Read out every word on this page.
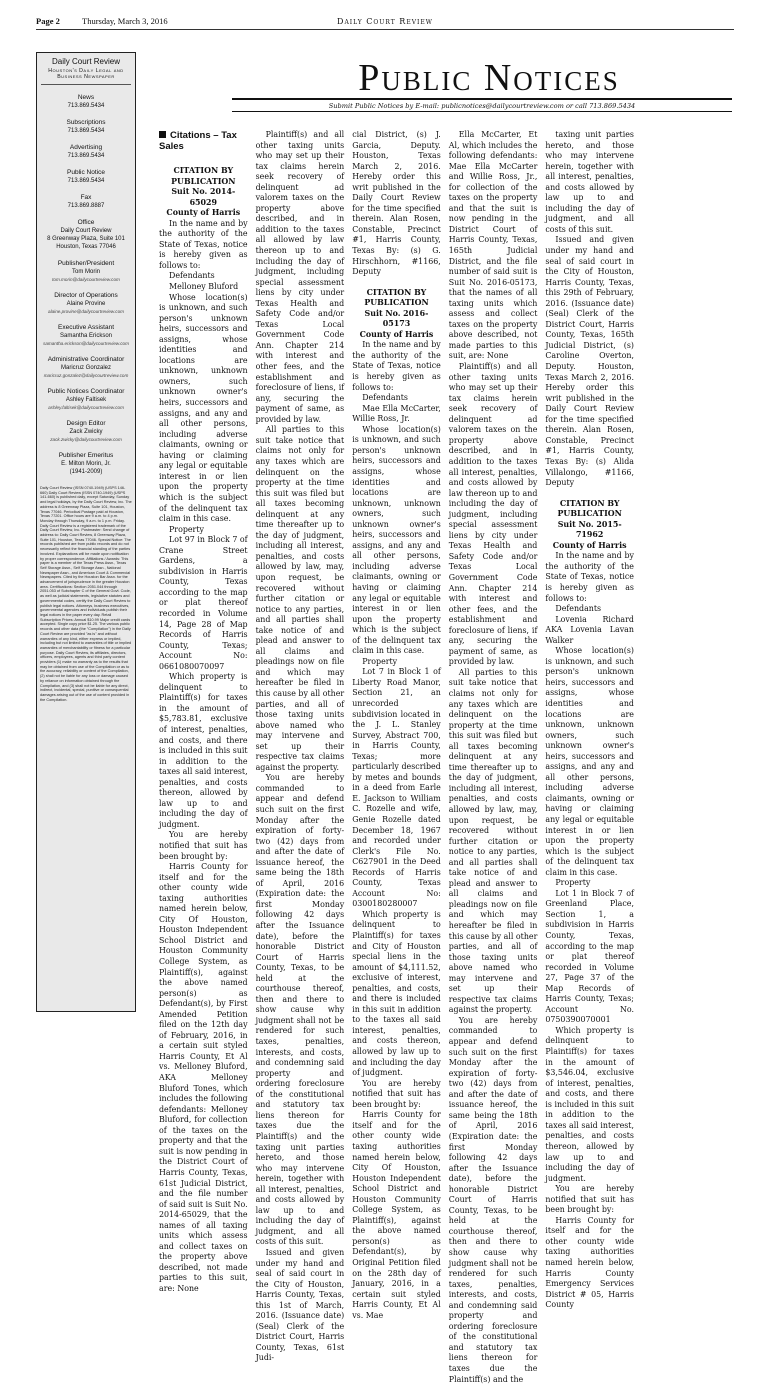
Page 2	Thursday, March 3, 2016	Daily Court Review
Daily Court Review
Houston's Daily Legal and Business Newspaper
News
713.869.5434
Subscriptions
713.869.5434
Advertising
713.869.5434
Public Notice
713.869.5434
Fax
713.869.8887
Office
Daily Court Review
8 Greenway Plaza, Suite 101
Houston, Texas 77046
Publisher/President
Tom Morin
tom.morin@dailycourtreview.com
Director of Operations
Alaine Provine
alaine.provine@dailycourtreview.com
Executive Assistant
Samantha Erickson
samantha.erickson@dailycourtreview.com
Administrative Coordinator
Maricruz Gonzalez
maricruz.gonzalez@dailycourtreview.com
Public Notices Coordinator
Ashley Faltisek
ashley.faltisek@dailycourtreview.com
Design Editor
Zack Zwicky
zack.zwicky@dailycourtreview.com
Publisher Emeritus
E. Milton Morin, Jr.
(1941-2009)
Daily Court Review (ISSN 0740-1949) (USPS 146-660) Daily Court Review (ISSN 0740-1949) (USPS 141-660) is published daily, except Saturday, Sunday and legal holidays, by the Daily Court Review, Inc. The address is 8 Greenway Plaza, Suite 101, Houston, Texas 77046. Periodical Postage paid at Houston, Texas 77201. Office hours are 9 a.m. to 4 p.m. Monday through Thursday, 9 a.m. to 1 p.m. Friday. Daily Court Review is a registered trademark of the Daily Court Review, Inc. Postmaster: Send change of address to: Daily Court Review, 8 Greenway Plaza, Suite 101, Houston, Texas 77046. Special Notice: The records published are from public records and do not necessarily reflect the financial standing of the parties involved. Explanations will be made upon notification by proper correspondence. Affiliations / Awards: This paper is a member of the Texas Press Assn., Texas Self Storage Assn., Self Storage Assn., National Newspaper Assn., and American Court & Commercial Newspapers. Cited by the Houston Bar Assn. for the advancement of jurisprudence in the greater Houston area. Certifications: Section 2051.044 through 2051.053 of Subchapter C of the General Govt. Code, as well as judicial statements, legislative statutes and governmental codes, certify the Daily Court Review to publish legal notices. Attorneys, business executives, governmental agencies and individuals publish their legal notices in the paper every day. Retail Subscription Prices: Annual $10.99 Major credit cards accepted. Single copy price $1.25. The various public records and other data (the "Compilation") in the Daily Court Review are provided "as is" and without warranties of any kind, either express or implied, including but not limited to warranties of title or implied warranties of merchantability or fitness for a particular purpose. Daily Court Review, its affiliates, directors, officers, employees, agents and third party content providers (1) make no warranty as to the results that may be obtained from use of the Compilation or as to the accuracy, reliability or content of the Compilation, (2) shall not be liable for any loss or damage caused by reliance on information obtained through the Compilation, and (3) shall not be liable for any direct, indirect, incidental, special, punitive or consequential damages arising out of the use of content provided in the Compilation.
Public Notices
Submit Public Notices by E-mail: publicnotices@dailycourtreview.com or call 713.869.5434
Citations – Tax Sales

CITATION BY PUBLICATION

Suit No. 2014-65029

County of Harris

In the name and by the authority of the State of Texas, notice is hereby given as follows to:

Defendants

Melloney Bluford

Whose location(s) is unknown, and such person's unknown heirs, successors and assigns, whose identities and locations are unknown, unknown owners, such unknown owner's heirs, successors and assigns, and any and all other persons, including adverse claimants, owning or having or claiming any legal or equitable interest in or lien upon the property which is the subject of the delinquent tax claim in this case.

Property

Lot 97 in Block 7 of Crane Street Gardens, a subdivision in Harris County, Texas according to the map or plat thereof recorded in Volume 14, Page 28 of Map Records of Harris County, Texas; Account No: 0661080070097

Which property is delinquent to Plaintiff(s) for taxes in the amount of $5,783.81, exclusive of interest, penalties, and costs, and there is included in this suit in addition to the taxes all said interest, penalties, and costs thereon, allowed by law up to and including the day of judgment.

You are hereby notified that suit has been brought by:

Harris County for itself and for the other county wide taxing authorities named herein below, City Of Houston, Houston Independent School District and Houston Community College System, as Plaintiff(s), against the above named person(s) as Defendant(s), by First Amended Petition filed on the 12th day of February, 2016, in a certain suit styled Harris County, Et Al vs. Melloney Bluford, AKA Melloney Bluford Tones, which includes the following defendants: Melloney Bluford, for collection of the taxes on the property and that the suit is now pending in the District Court of Harris County, Texas, 61st Judicial District, and the file number of said suit is Suit No. 2014-65029, that the names of all taxing units which assess and collect taxes on the property above described, not made parties to this suit, are: None

Plaintiff(s) and all other taxing units who may set up their tax claims herein seek recovery of delinquent ad valorem taxes on the property above described, and in addition to the taxes all allowed by law thereon up to and including the day of judgment, including special assessment liens by city under Texas Health and Safety Code and/or Texas Local Government Code Ann. Chapter 214 with interest and other fees, and the establishment and foreclosure of liens, if any, securing the payment of same, as provided by law.

All parties to this suit take notice that claims not only for any taxes which are delinquent on the property at the time this suit was filed but all taxes becoming delinquent at any time thereafter up to the day of judgment, including all interest, penalties, and costs allowed by law, may, upon request, be recovered without further citation or notice to any parties, and all parties shall take notice of and plead and answer to all claims and pleadings now on file and which may hereafter be filed in this cause by all other parties, and all of those taxing units above named who may intervene and set up their respective tax claims against the property.

You are hereby commanded to appear and defend such suit on the first Monday after the expiration of forty-two (42) days from and after the date of issuance hereof, the same being the 18th of April, 2016 (Expiration date: the first Monday following 42 days after the Issuance date), before the honorable District Court of Harris County, Texas, to be held at the courthouse thereof, then and there to show cause why judgment shall not be rendered for such taxes, penalties, interests, and costs, and condemning said property and ordering foreclosure of the constitutional and statutory tax liens thereon for taxes due the Plaintiff(s) and the taxing unit parties hereto, and those who may intervene herein, together with all interest, penalties, and costs allowed by law up to and including the day of judgment, and all costs of this suit.

Issued and given under my hand and seal of said court in the City of Houston, Harris County, Texas, this 1st of March, 2016. (Issuance date) (Seal) Clerk of the District Court, Harris County, Texas, 61st Judi-

cial District, (s) J. Garcia, Deputy. Houston, Texas March 2, 2016. Hereby order this writ published in the Daily Court Review for the time specified therein. Alan Rosen, Constable, Precinct #1, Harris County, Texas By: (s) G. Hirschhorn, #1166, Deputy

CITATION BY PUBLICATION

Suit No. 2016-05173

County of Harris

In the name and by the authority of the State of Texas, notice is hereby given as follows to:

Defendants

Mae Ella McCarter, Willie Ross, Jr.

Whose location(s) is unknown, and such person's unknown heirs, successors and assigns, whose identities and locations are unknown, unknown owners, such unknown owner's heirs, successors and assigns, and any and all other persons, including adverse claimants, owning or having or claiming any legal or equitable interest in or lien upon the property which is the subject of the delinquent tax claim in this case.

Property

Lot 7 in Block 1 of Liberty Road Manor, Section 21, an unrecorded subdivision located in the J. L. Stanley Survey, Abstract 700, in Harris County, Texas; more particularly described by metes and bounds in a deed from Earle E. Jackson to William C. Rozelle and wife, Genie Rozelle dated December 18, 1967 and recorded under Clerk's File No. C627901 in the Deed Records of Harris County, Texas Account No: 0300180280007

Which property is delinquent to Plaintiff(s) for taxes and City of Houston special liens in the amount of $4,111.52, exclusive of interest, penalties, and costs, and there is included in this suit in addition to the taxes all said interest, penalties, and costs thereon, allowed by law up to and including the day of judgment.

You are hereby notified that suit has been brought by:

Harris County for itself and for the other county wide taxing authorities named herein below, City Of Houston, Houston Independent School District and Houston Community College System, as Plaintiff(s), against the above named person(s) as Defendant(s), by Original Petition filed on the 28th day of January, 2016, in a certain suit styled Harris County, Et Al vs. Mae

Ella McCarter, Et Al, which includes the following defendants: Mae Ella McCarter and Willie Ross, Jr., for collection of the taxes on the property and that the suit is now pending in the District Court of Harris County, Texas, 165th Judicial District, and the file number of said suit is Suit No. 2016-05173, that the names of all taxing units which assess and collect taxes on the property above described, not made parties to this suit, are: None

Plaintiff(s) and all other taxing units who may set up their tax claims herein seek recovery of delinquent ad valorem taxes on the property above described, and in addition to the taxes all interest, penalties, and costs allowed by law thereon up to and including the day of judgment, including special assessment liens by city under Texas Health and Safety Code and/or Texas Local Government Code Ann. Chapter 214 with interest and other fees, and the establishment and foreclosure of liens, if any, securing the payment of same, as provided by law.

All parties to this suit take notice that claims not only for any taxes which are delinquent on the property at the time this suit was filed but all taxes becoming delinquent at any time thereafter up to the day of judgment, including all interest, penalties, and costs allowed by law, may, upon request, be recovered without further citation or notice to any parties, and all parties shall take notice of and plead and answer to all claims and pleadings now on file and which may hereafter be filed in this cause by all other parties, and all of those taxing units above named who may intervene and set up their respective tax claims against the property.

You are hereby commanded to appear and defend such suit on the first Monday after the expiration of forty-two (42) days from and after the date of issuance hereof, the same being the 18th of April, 2016 (Expiration date: the first Monday following 42 days after the Issuance date), before the honorable District Court of Harris County, Texas, to be held at the courthouse thereof, then and there to show cause why judgment shall not be rendered for such taxes, penalties, interests, and costs, and condemning said property and ordering foreclosure of the constitutional and statutory tax liens thereon for taxes due the Plaintiff(s) and the

taxing unit parties hereto, and those who may intervene herein, together with all interest, penalties, and costs allowed by law up to and including the day of judgment, and all costs of this suit.

Issued and given under my hand and seal of said court in the City of Houston, Harris County, Texas, this 29th of February, 2016. (Issuance date) (Seal) Clerk of the District Court, Harris County, Texas, 165th Judicial District, (s) Caroline Overton, Deputy. Houston, Texas March 2, 2016. Hereby order this writ published in the Daily Court Review for the time specified therein. Alan Rosen, Constable, Precinct #1, Harris County, Texas By: (s) Alida Villalongo, #1166, Deputy

CITATION BY PUBLICATION

Suit No. 2015-71962

County of Harris

In the name and by the authority of the State of Texas, notice is hereby given as follows to:

Defendants

Lovenia Richard AKA Lovenia Lavan Walker

Whose location(s) is unknown, and such person's unknown heirs, successors and assigns, whose identities and locations are unknown, unknown owners, such unknown owner's heirs, successors and assigns, and any and all other persons, including adverse claimants, owning or having or claiming any legal or equitable interest in or lien upon the property which is the subject of the delinquent tax claim in this case.

Property

Lot 1 in Block 7 of Greenland Place, Section 1, a subdivision in Harris County, Texas, according to the map or plat thereof recorded in Volume 27, Page 37 of the Map Records of Harris County, Texas; Account No. 0750390070001

Which property is delinquent to Plaintiff(s) for taxes in the amount of $3,546.04, exclusive of interest, penalties, and costs, and there is included in this suit in addition to the taxes all said interest, penalties, and costs thereon, allowed by law up to and including the day of judgment.

You are hereby notified that suit has been brought by:

Harris County for itself and for the other county wide taxing authorities named herein below, Harris County Emergency Services District # 05, Harris County
